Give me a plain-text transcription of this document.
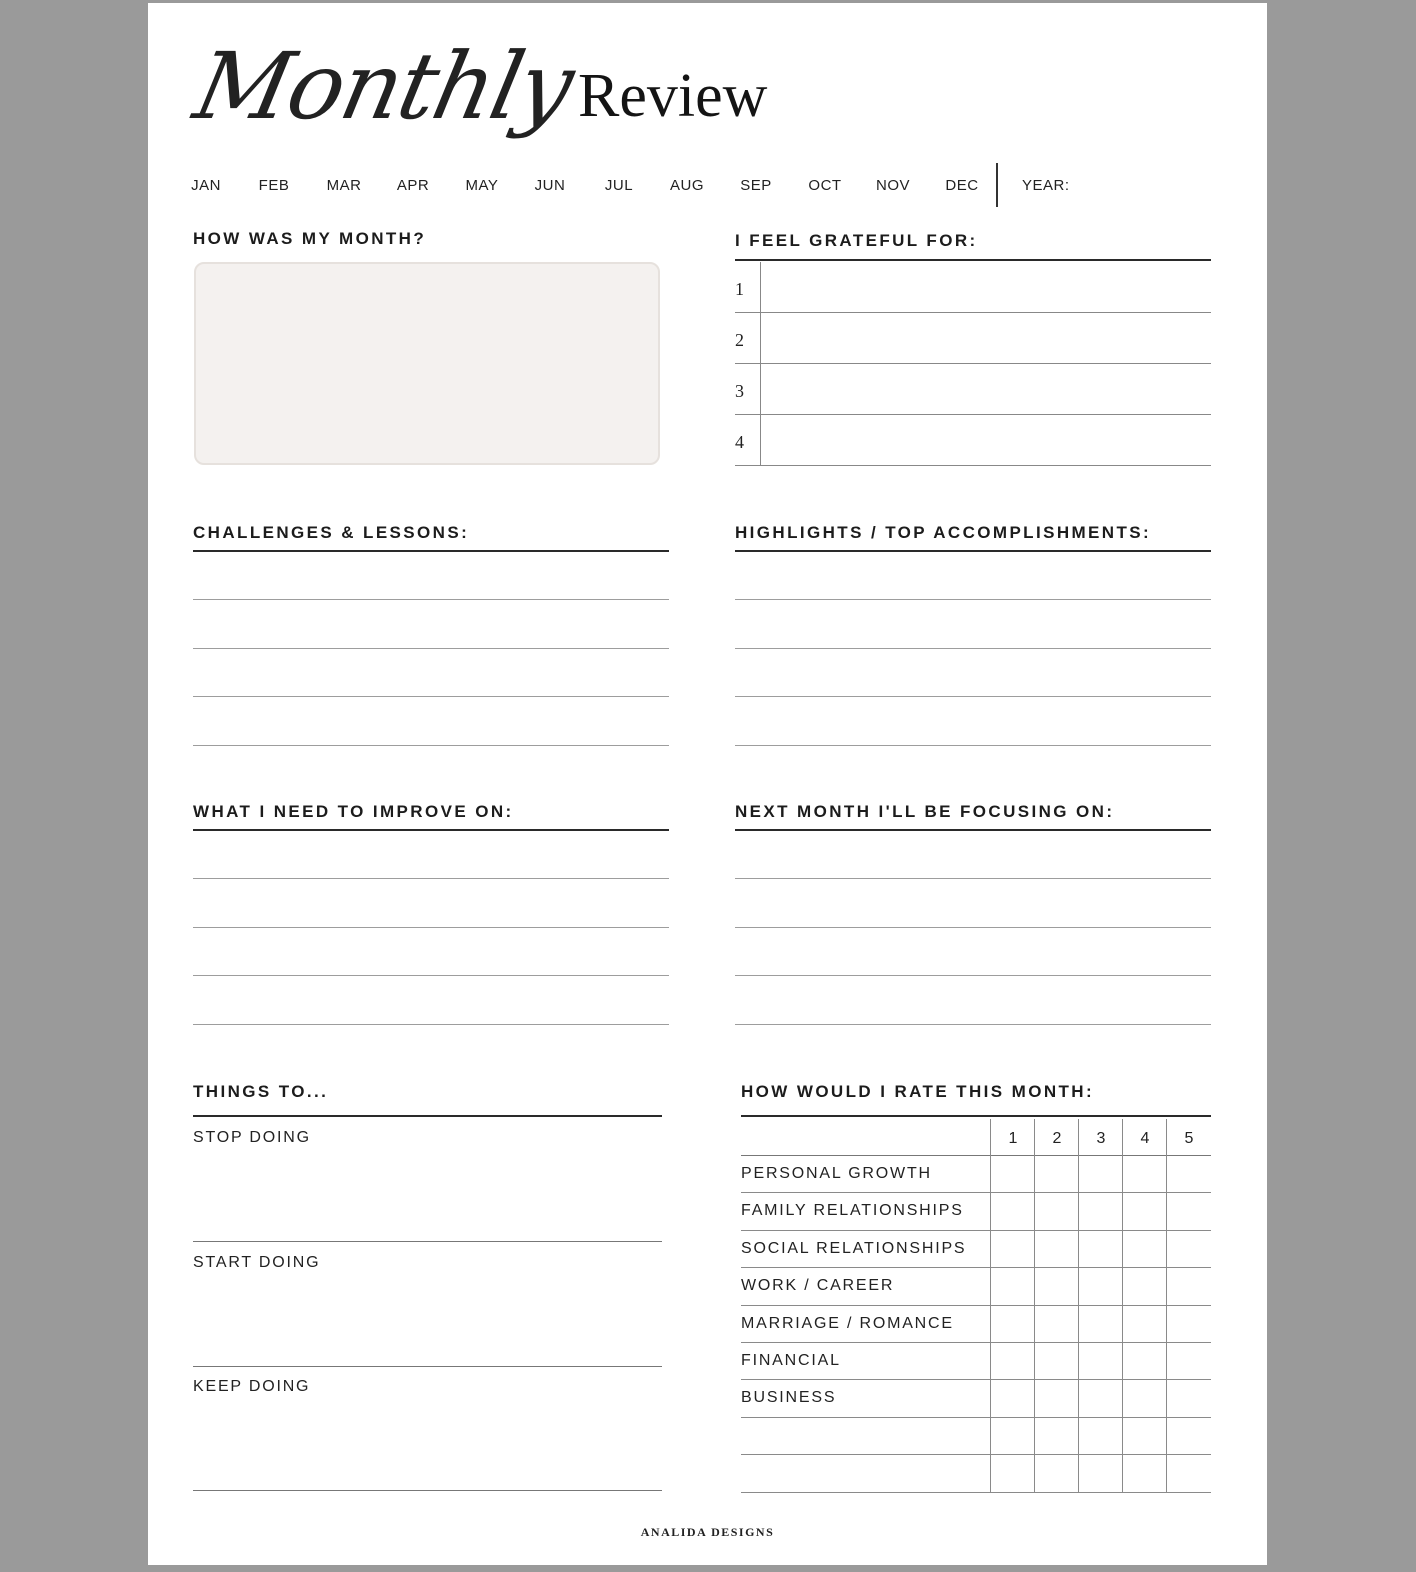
Monthly
Review
JAN	FEB	MAR	APR	MAY	JUN	JUL	AUG	SEP	OCT	NOV	DEC	YEAR:
HOW WAS MY MONTH?	I FEEL GRATEFUL FOR:
1
2
3
4
CHALLENGES & LESSONS:	HIGHLIGHTS / TOP ACCOMPLISHMENTS:
WHAT I NEED TO IMPROVE ON:	NEXT MONTH I'LL BE FOCUSING ON:
THINGS TO...
STOP DOING
START DOING
KEEP DOING
HOW WOULD I RATE THIS MONTH:
1	2	3	4	5
PERSONAL GROWTH
FAMILY RELATIONSHIPS
SOCIAL RELATIONSHIPS
WORK / CAREER
MARRIAGE / ROMANCE
FINANCIAL
BUSINESS
ANALIDA DESIGNS
